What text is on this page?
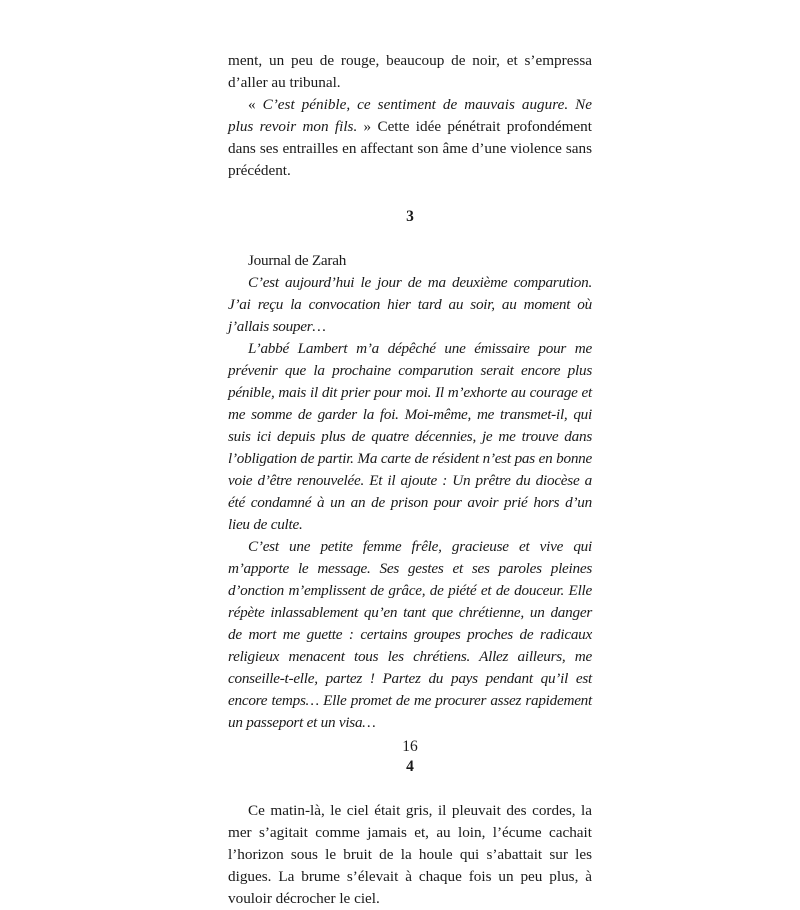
ment, un peu de rouge, beaucoup de noir, et s’empressa d’aller au tribunal.

« C’est pénible, ce sentiment de mauvais augure. Ne plus revoir mon fils. » Cette idée pénétrait profondément dans ses entrailles en affectant son âme d’une violence sans précédent.

3

Journal de Zarah

C’est aujourd’hui le jour de ma deuxième comparution. J’ai reçu la convocation hier tard au soir, au moment où j’allais souper…

L’abbé Lambert m’a dépêché une émissaire pour me prévenir que la prochaine comparution serait encore plus pénible, mais il dit prier pour moi. Il m’exhorte au courage et me somme de garder la foi. Moi-même, me transmet-il, qui suis ici depuis plus de quatre décennies, je me trouve dans l’obligation de partir. Ma carte de résident n’est pas en bonne voie d’être renouvelée. Et il ajoute : Un prêtre du diocèse a été condamné à un an de prison pour avoir prié hors d’un lieu de culte.

C’est une petite femme frêle, gracieuse et vive qui m’apporte le message. Ses gestes et ses paroles pleines d’onction m’emplissent de grâce, de piété et de douceur. Elle répète inlassablement qu’en tant que chrétienne, un danger de mort me guette : certains groupes proches de radicaux religieux menacent tous les chrétiens. Allez ailleurs, me conseille-t-elle, partez ! Partez du pays pendant qu’il est encore temps… Elle promet de me procurer assez rapidement un passeport et un visa…

4

Ce matin-là, le ciel était gris, il pleuvait des cordes, la mer s’agitait comme jamais et, au loin, l’écume cachait l’horizon sous le bruit de la houle qui s’abattait sur les digues. La brume s’élevait à chaque fois un peu plus, à vouloir décrocher le ciel.

16
